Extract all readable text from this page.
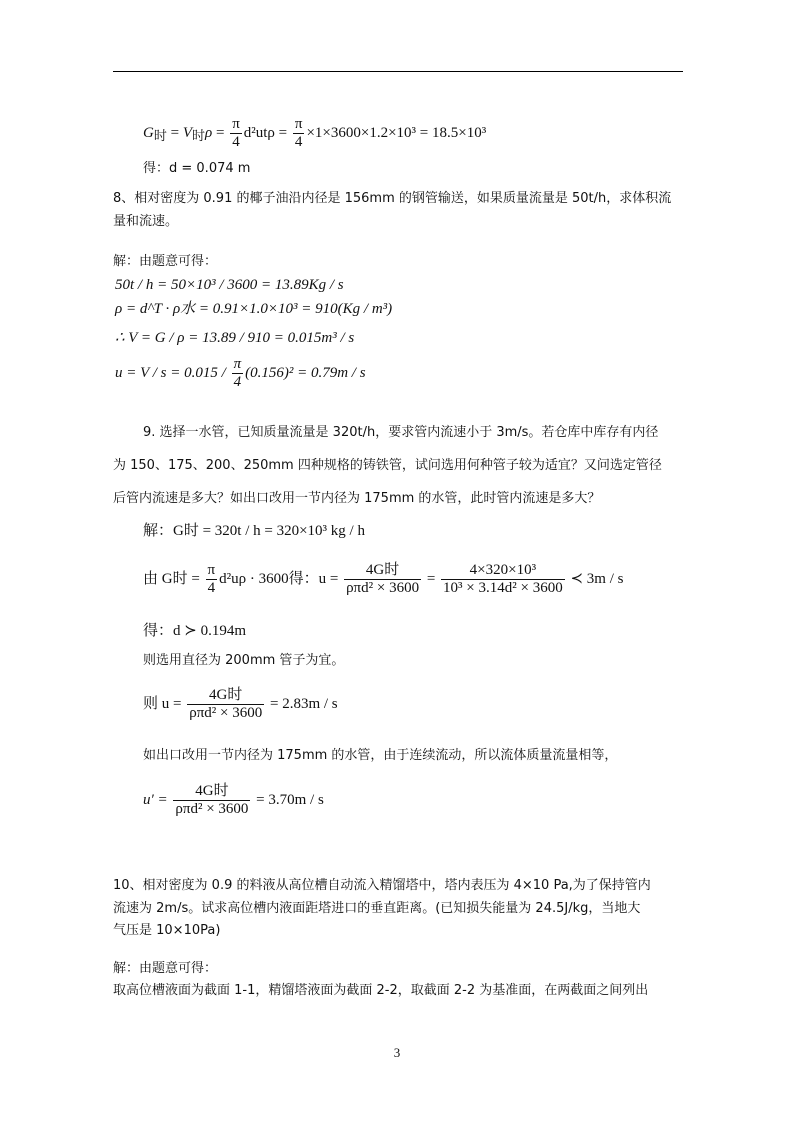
$G_时 = V_时\rho = \frac{\pi}{4} d^2ut\rho = \frac{\pi}{4} \times 1\times 3600\times 1.2\times 10^3 = 18.5\times 10^3$
得：d = 0.074 m
8、相对密度为 0.91 的椰子油沿内径是 156mm 的钢管输送，如果质量流量是 50t/h，求体积流
量和流速。
解：由题意可得：
50t / h = 50×10³ / 3600 = 13.89Kg / s
ρ = d^T · ρ水 = 0.91×1.0×10³ = 910(Kg / m³)
∴ V = G / ρ = 13.89 / 910 = 0.015m³ / s
$u = V / s = 0.015 / \frac{\pi}{4} (0.156)^2 = 0.79m / s$
9. 选择一水管，已知质量流量是 320t/h，要求管内流速小于 3m/s。若仓库中库存有内径
为 150、175、200、250mm 四种规格的铸铁管，试问选用何种管子较为适宜？又问选定管径
后管内流速是多大？如出口改用一节内径为 175mm 的水管，此时管内流速是多大？
解：G时 = 320t / h = 320×10³ kg / h
由 G时 = $\frac{\pi}{4} d^2u\rho \cdot 3600$得：$u = \frac{\text{4G时}}{\text{ρπd² × 3600}} = \frac{\text{4×320×10³}}{\text{10³ × 3.14d² × 3600}}$ ≺ 3m / s
得：d ≻ 0.194m
则选用直径为 200mm 管子为宜。
则 $u = \frac{\text{4G时}}{\text{ρπd² × 3600}} = 2.83m / s$
如出口改用一节内径为 175mm 的水管，由于连续流动，所以流体质量流量相等，
$u' = \frac{\text{4G时}}{\text{ρπd² × 3600}} = 3.70m / s$
10、相对密度为 0.9 的料液从高位槽自动流入精馏塔中，塔内表压为 4×10 Pa,为了保持管内
流速为 2m/s。试求高位槽内液面距塔进口的垂直距离。(已知损失能量为 24.5J/kg，当地大
气压是 10×10Pa)
解：由题意可得：
取高位槽液面为截面 1-1，精馏塔液面为截面 2-2，取截面 2-2 为基准面，在两截面之间列出
3
